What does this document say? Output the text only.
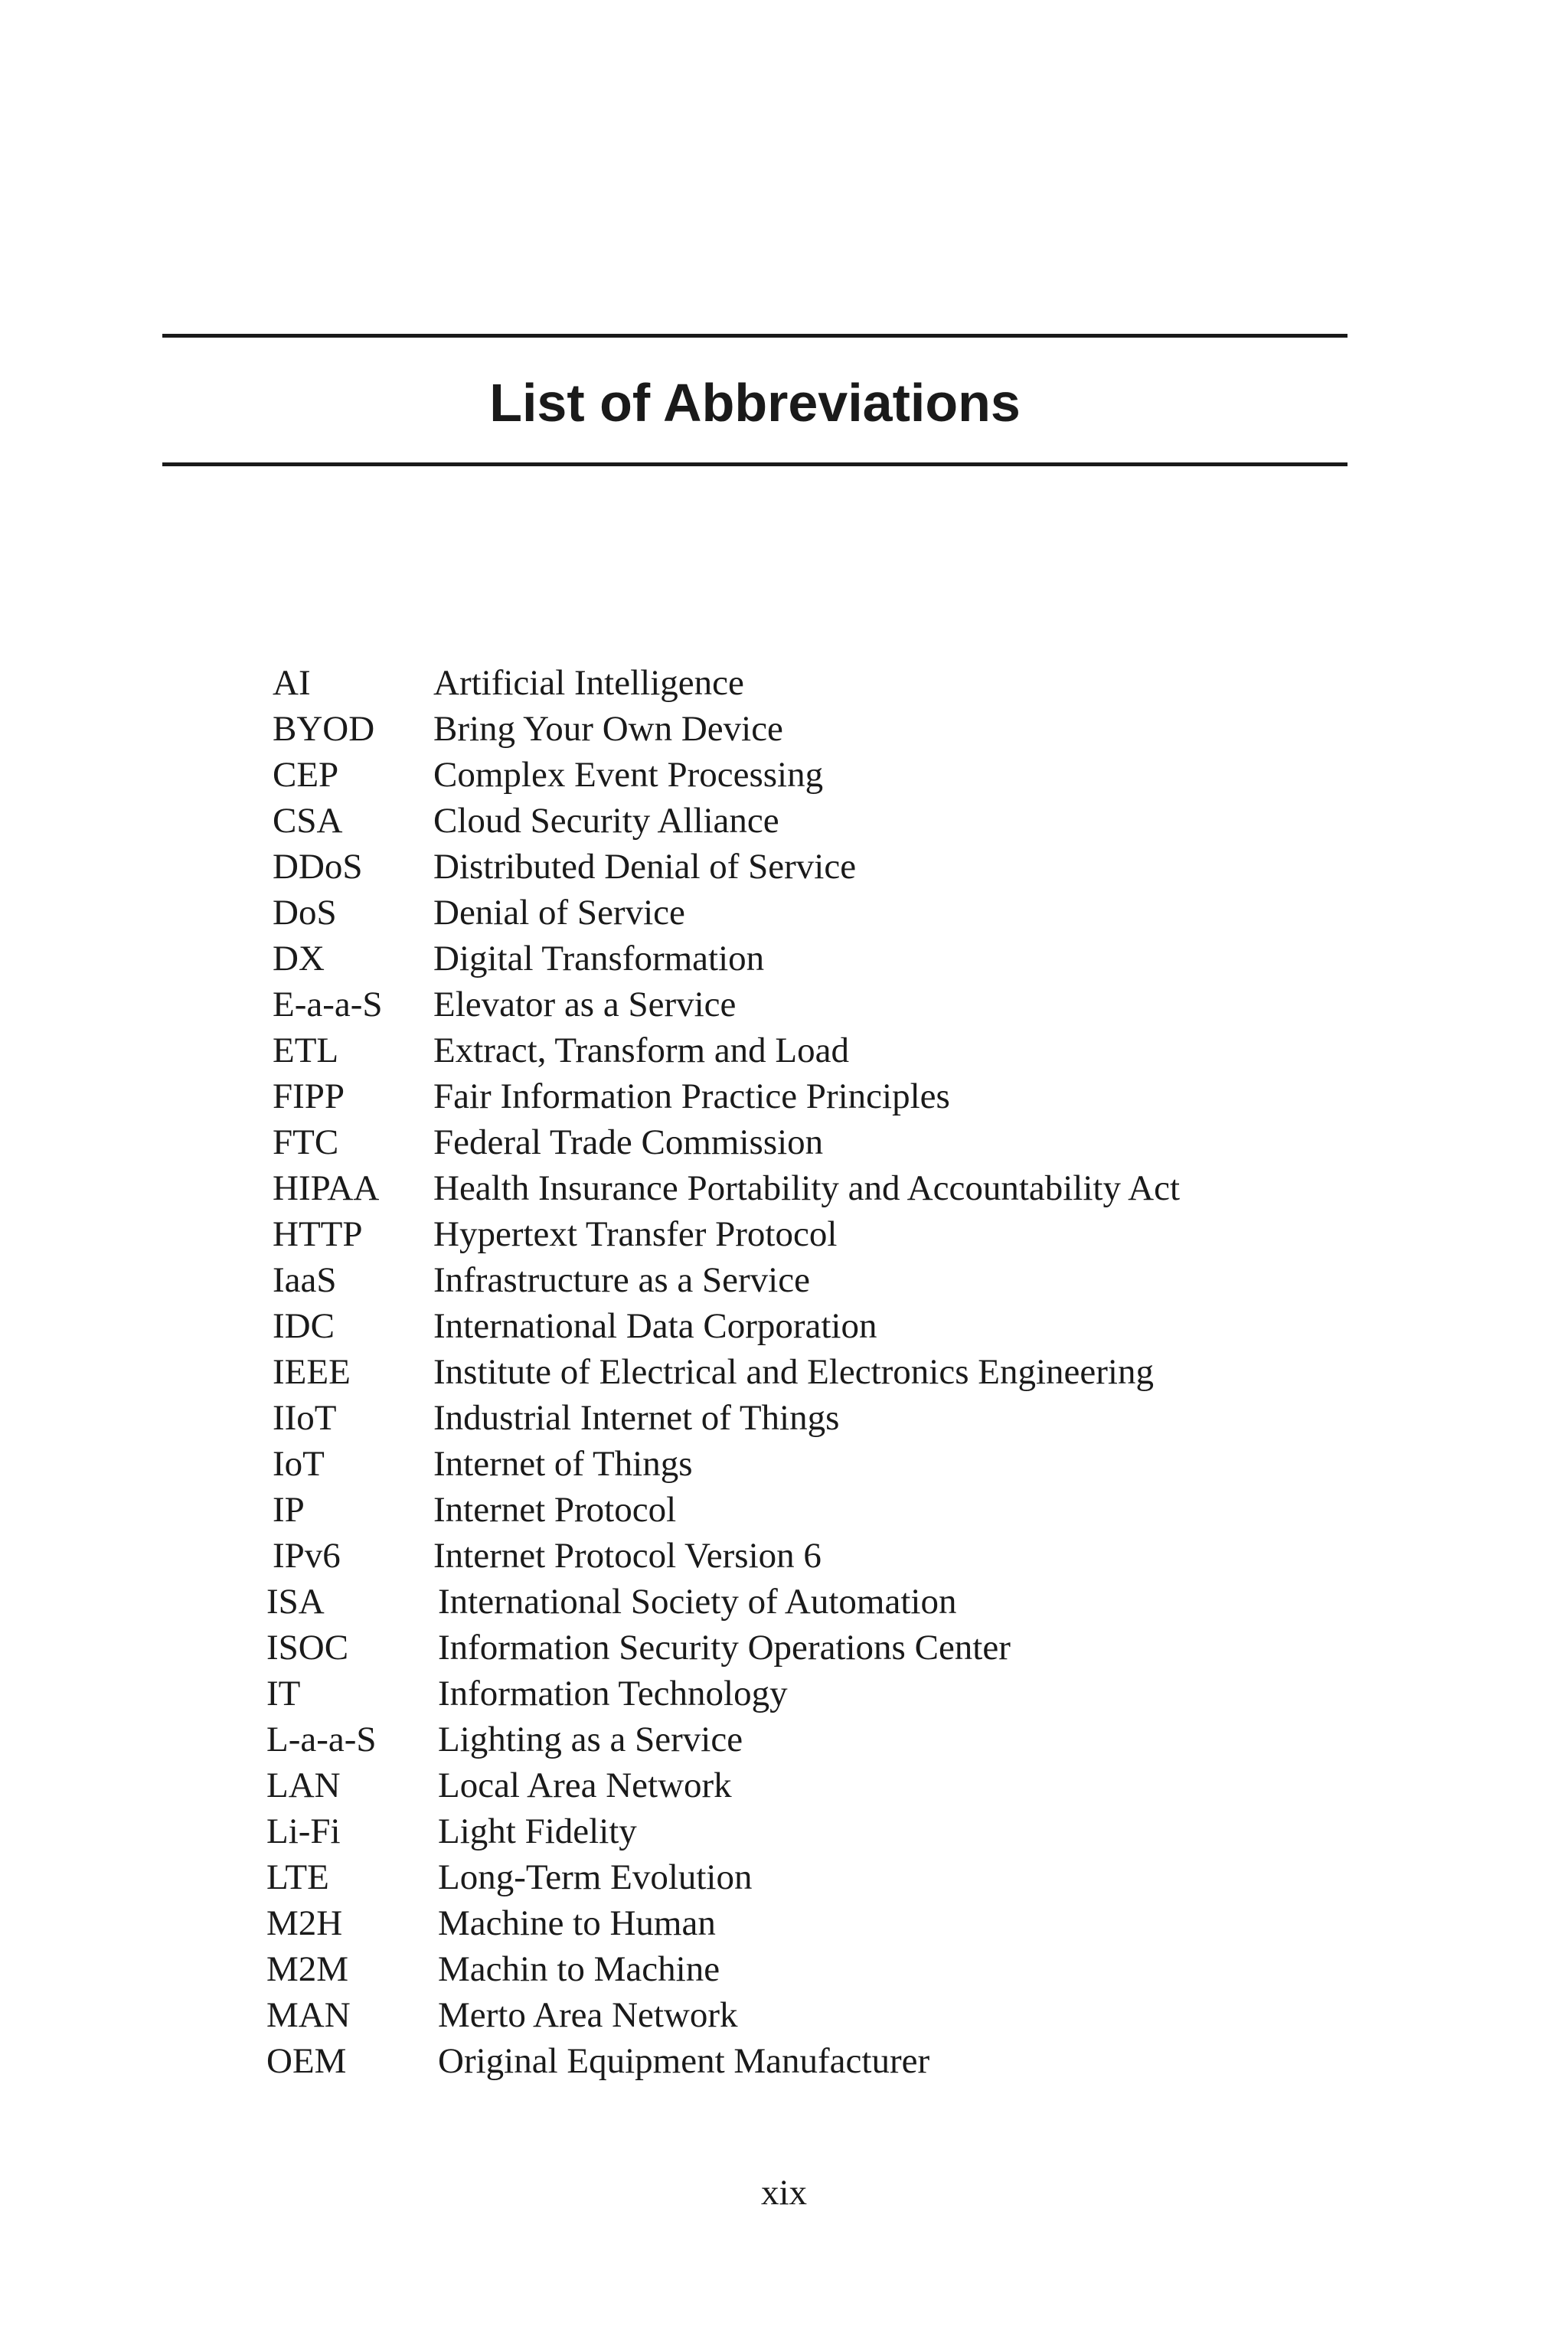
List of Abbreviations
AI	Artificial Intelligence
BYOD Bring Your Own Device
CEP	Complex Event Processing
CSA	Cloud Security Alliance
DDoS Distributed Denial of Service
DoS	Denial of Service
DX	Digital Transformation
E-a-a-S Elevator as a Service
ETL	Extract, Transform and Load
FIPP Fair Information Practice Principles
FTC	Federal Trade Commission
HIPAA Health Insurance Portability and Accountability Act
HTTP Hypertext Transfer Protocol
IaaS	Infrastructure as a Service
IDC	International Data Corporation
IEEE Institute of Electrical and Electronics Engineering
IIoT	Industrial Internet of Things
IoT	Internet of Things
IP	Internet Protocol
IPv6	Internet Protocol Version 6
ISA	International Society of Automation
ISOC Information Security Operations Center
IT	Information Technology
L-a-a-S Lighting as a Service
LAN	Local Area Network
Li-Fi	Light Fidelity
LTE	Long-Term Evolution
M2H	Machine to Human
M2M Machin to Machine
MAN Merto Area Network
OEM	Original Equipment Manufacturer
xix
